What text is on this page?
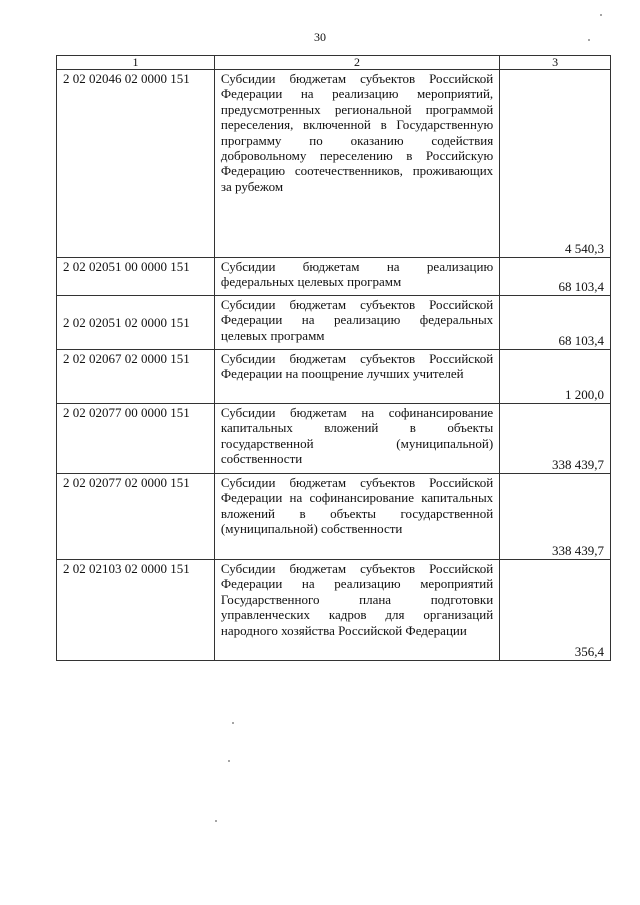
30
1	2	3
2 02 02046 02 0000 151	Субсидии бюджетам субъектов Российской Федерации на реализацию мероприятий, предусмотренных региональной программой переселения, включенной в Государственную программу по оказанию содействия добровольному переселению в Российскую Федерацию соотечественников, проживающих за рубежом	4 540,3
2 02 02051 00 0000 151	Субсидии бюджетам на реализацию федеральных целевых программ	68 103,4
2 02 02051 02 0000 151	Субсидии бюджетам субъектов Российской Федерации на реализацию федеральных целевых программ	68 103,4
2 02 02067 02 0000 151	Субсидии бюджетам субъектов Российской Федерации на поощрение лучших учителей	1 200,0
2 02 02077 00 0000 151	Субсидии бюджетам на софинансирование капитальных вложений в объекты государственной (муниципальной) собственности	338 439,7
2 02 02077 02 0000 151	Субсидии бюджетам субъектов Российской Федерации на софинансирование капитальных вложений в объекты государственной (муниципальной) собственности	338 439,7
2 02 02103 02 0000 151	Субсидии бюджетам субъектов Российской Федерации на реализацию мероприятий Государственного плана подготовки управленческих кадров для организаций народного хозяйства Российской Федерации	356,4
